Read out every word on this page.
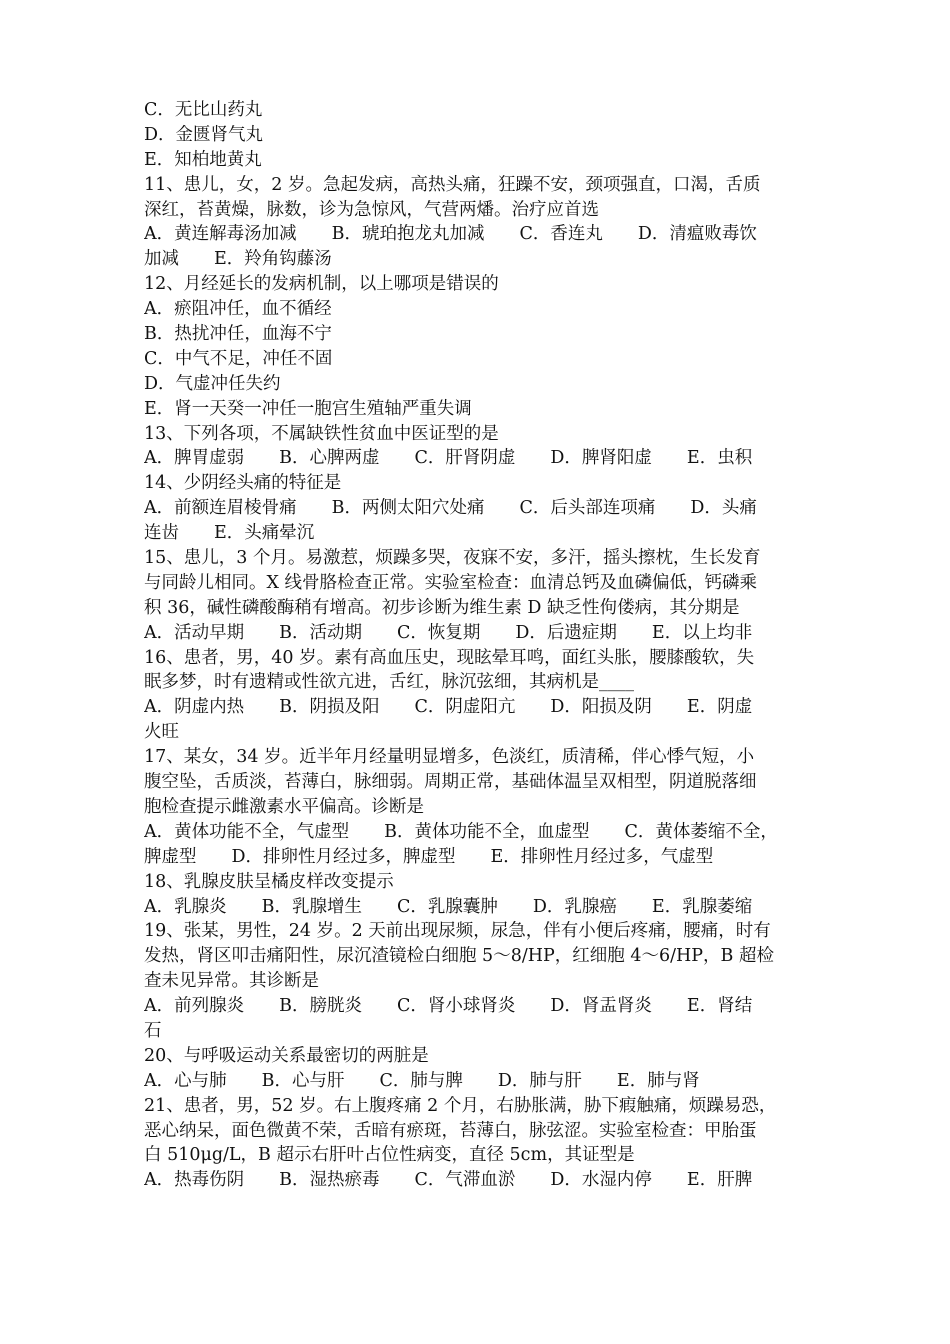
C．无比山药丸
D．金匮肾气丸
E．知柏地黄丸
11、患儿，女，2 岁。急起发病，高热头痛，狂躁不安，颈项强直，口渴，舌质
深红，苔黄燥，脉数，诊为急惊风，气营两燔。治疗应首选
A．黄连解毒汤加减　　B．琥珀抱龙丸加减　　C．香连丸　　D．清瘟败毒饮
加减　　E．羚角钩藤汤
12、月经延长的发病机制，以上哪项是错误的
A．瘀阻冲任，血不循经
B．热扰冲任，血海不宁
C．中气不足，冲任不固
D．气虚冲任失约
E．肾一天癸一冲任一胞宫生殖轴严重失调
13、下列各项，不属缺铁性贫血中医证型的是
A．脾胃虚弱　　B．心脾两虚　　C．肝肾阴虚　　D．脾肾阳虚　　E．虫积
14、少阴经头痛的特征是
A．前额连眉棱骨痛　　B．两侧太阳穴处痛　　C．后头部连项痛　　D．头痛
连齿　　E．头痛晕沉
15、患儿，3 个月。易激惹，烦躁多哭，夜寐不安，多汗，摇头擦枕，生长发育
与同龄儿相同。X 线骨胳检查正常。实验室检查：血清总钙及血磷偏低，钙磷乘
积 36，碱性磷酸酶稍有增高。初步诊断为维生素 D 缺乏性佝偻病，其分期是
A．活动早期　　B．活动期　　C．恢复期　　D．后遗症期　　E．以上均非
16、患者，男，40 岁。素有高血压史，现眩晕耳鸣，面红头胀，腰膝酸软，失
眠多梦，时有遗精或性欲亢进，舌红，脉沉弦细，其病机是____
A．阴虚内热　　B．阴损及阳　　C．阴虚阳亢　　D．阳损及阴　　E．阴虚
火旺
17、某女，34 岁。近半年月经量明显增多，色淡红，质清稀，伴心悸气短，小
腹空坠，舌质淡，苔薄白，脉细弱。周期正常，基础体温呈双相型，阴道脱落细
胞检查提示雌激素水平偏高。诊断是
A．黄体功能不全，气虚型　　B．黄体功能不全，血虚型　　C．黄体萎缩不全，
脾虚型　　D．排卵性月经过多，脾虚型　　E．排卵性月经过多，气虚型
18、乳腺皮肤呈橘皮样改变提示
A．乳腺炎　　B．乳腺增生　　C．乳腺囊肿　　D．乳腺癌　　E．乳腺萎缩
19、张某，男性，24 岁。2 天前出现尿频，尿急，伴有小便后疼痛，腰痛，时有
发热，肾区叩击痛阳性，尿沉渣镜检白细胞 5～8/HP，红细胞 4～6/HP，B 超检
查未见异常。其诊断是
A．前列腺炎　　B．膀胱炎　　C．肾小球肾炎　　D．肾盂肾炎　　E．肾结
石
20、与呼吸运动关系最密切的两脏是
A．心与肺　　B．心与肝　　C．肺与脾　　D．肺与肝　　E．肺与肾
21、患者，男，52 岁。右上腹疼痛 2 个月，右胁胀满，胁下瘕触痛，烦躁易恐，
恶心纳呆，面色微黄不荣，舌暗有瘀斑，苔薄白，脉弦涩。实验室检查：甲胎蛋
白 510μg/L，B 超示右肝叶占位性病变，直径 5cm，其证型是
A．热毒伤阴　　B．湿热瘀毒　　C．气滞血淤　　D．水湿内停　　E．肝脾
